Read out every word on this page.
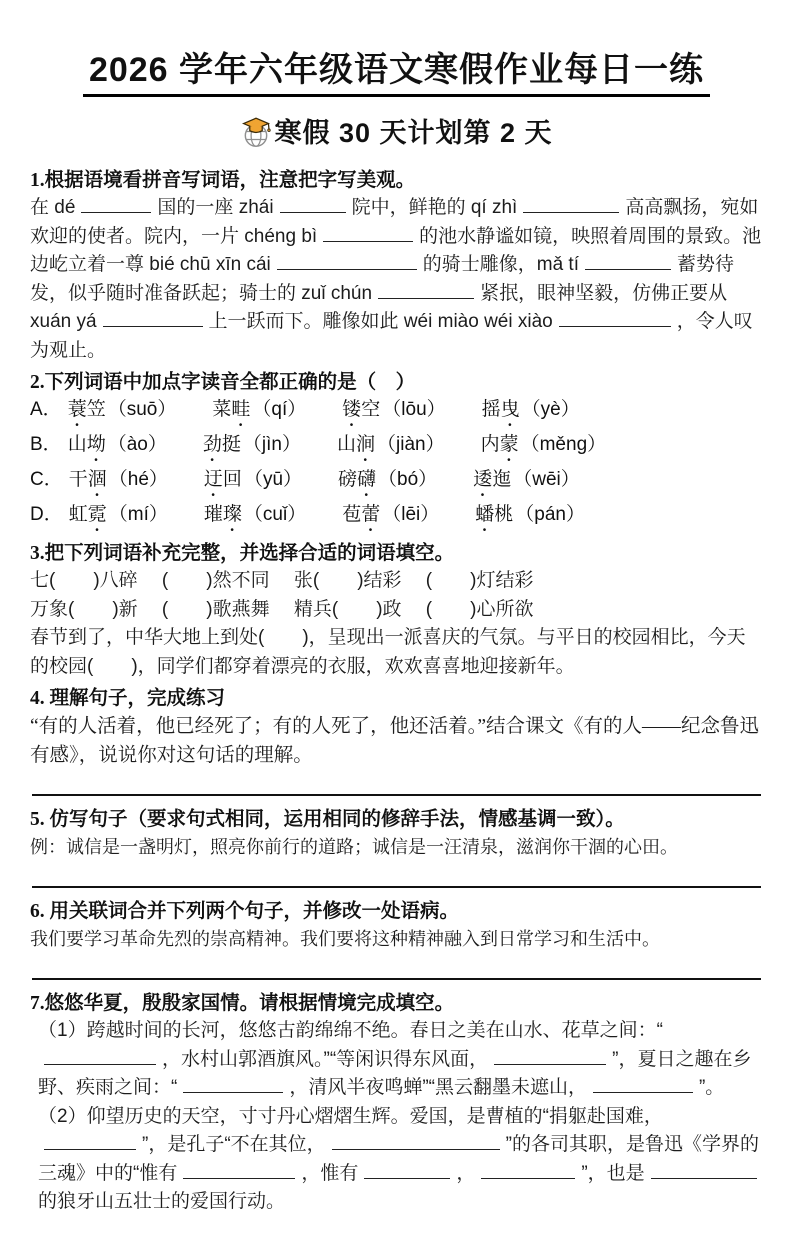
2026 学年六年级语文寒假作业每日一练
寒假 30 天计划第 2 天
1.根据语境看拼音写词语，注意把字写美观。

在 dé	国的一座 zhái	院中，鲜艳的 qí zhì	高高飘扬，宛如欢迎的使者。院内，一片 chéng bì	的池水静谧如镜，映照着周围的景致。池边屹立着一尊 bié chū xīn cái	的骑士雕像，mǎ tí	蓄势待发，似乎随时准备跃起；骑士的 zuǐ chún	紧抿，眼神坚毅，仿佛正要从 xuán yá	上一跃而下。雕像如此 wéi miào wéi xiào	，令人叹为观止。

2.下列词语中加点字读音全都正确的是（　）
A． 蓑笠 （suō） 菜畦 （qí） 镂空 （lōu） 摇曳 （yè）
B． 山坳 （ào） 劲挺 （jìn） 山涧 （jiàn） 内蒙 （měng）
C． 干涸 （hé） 迂回 （yū） 磅礴 （bó） 逶迤 （wēi）
D． 虹霓 （mí） 璀璨 （cuǐ） 苞蕾 （lēi） 蟠桃 （pán）
3.把下列词语补充完整，并选择合适的词语填空。
七(　　)八碎　 (　　)然不同　 张(　　)结彩　 (　　)灯结彩
万象(　　)新　 (　　)歌燕舞　 精兵(　　)政　 (　　)心所欲

春节到了，中华大地上到处(　　)，呈现出一派喜庆的气氛。与平日的校园相比，今天的校园(　　)，同学们都穿着漂亮的衣服，欢欢喜喜地迎接新年。

4. 理解句子，完成练习

“有的人活着，他已经死了；有的人死了，他还活着。”结合课文《有的人——纪念鲁迅有感》，说说你对这句话的理解。

5. 仿写句子（要求句式相同，运用相同的修辞手法，情感基调一致）。

例：诚信是一盏明灯，照亮你前行的道路；诚信是一汪清泉，滋润你干涸的心田。

6. 用关联词合并下列两个句子，并修改一处语病。

我们要学习革命先烈的崇高精神。我们要将这种精神融入到日常学习和生活中。

7.悠悠华夏，殷殷家国情。请根据情境完成填空。

（1）跨越时间的长河，悠悠古韵绵绵不绝。春日之美在山水、花草之间：“，水村山郭酒旗风。”“等闲识得东风面，	”，夏日之趣在乡野、疾雨之间：“	，清风半夜鸣蝉”“黑云翻墨未遮山，	”。

（2）仰望历史的天空，寸寸丹心熠熠生辉。爱国，是曹植的“捐躯赴国难，”，是孔子“不在其位，	”的各司其职，是鲁迅《学界的三魂》中的“惟有	，惟有	，	”，也是的狼牙山五壮士的爱国行动。
